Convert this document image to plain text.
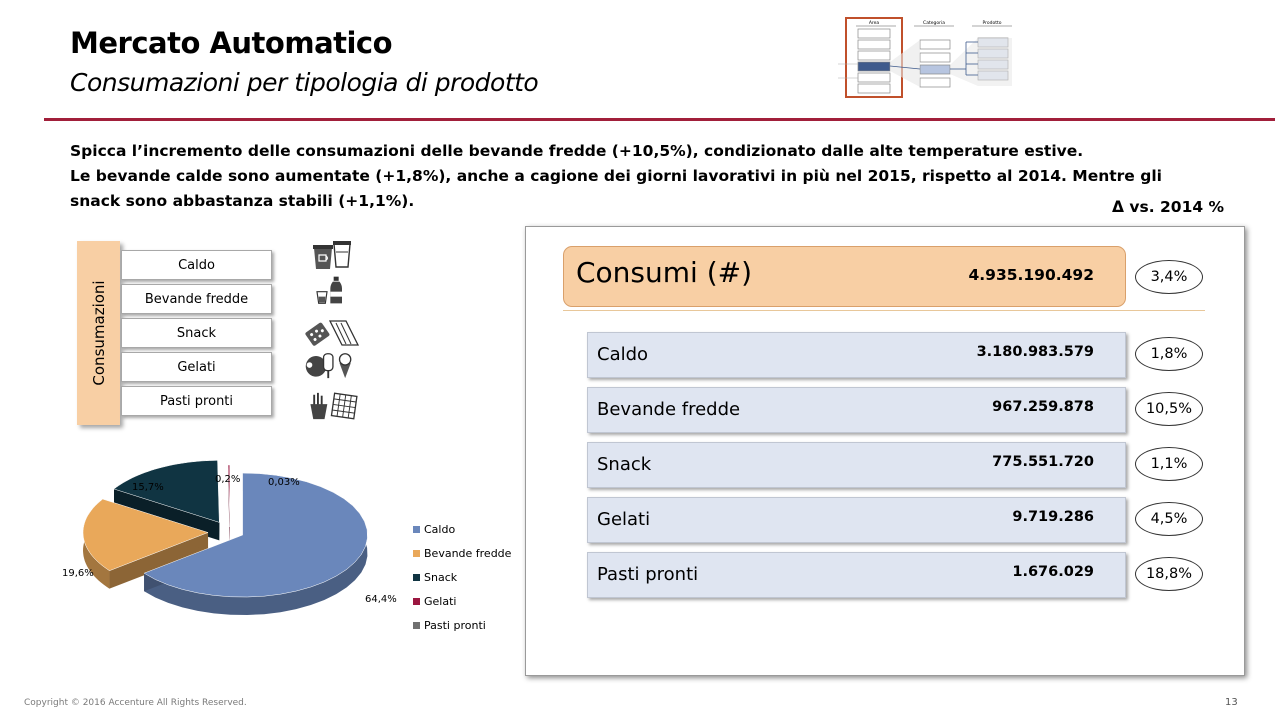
Mercato Automatico
Consumazioni per tipologia di prodotto
Area	Categoria	Prodotto
Spicca l’incremento delle consumazioni delle bevande fredde (+10,5%), condizionato dalle alte temperature estive.
Le bevande calde sono aumentate (+1,8%), anche a cagione dei giorni lavorativi in più nel 2015, rispetto al 2014. Mentre gli
snack sono abbastanza stabili (+1,1%).	Δ vs. 2014 %
Consumazioni
Caldo
Bevande fredde
Snack
Gelati
Pasti pronti
64,4%
19,6%
15,7%
0,2%	0,03%
Caldo
Bevande fredde
Snack
Gelati
Pasti pronti
Consumi (#)	4.935.190.492	3,4%
Caldo	3.180.983.579	1,8%
Bevande fredde	967.259.878	10,5%
Snack	775.551.720	1,1%
Gelati	9.719.286	4,5%
Pasti pronti	1.676.029	18,8%
Copyright © 2016 Accenture All Rights Reserved.	13
